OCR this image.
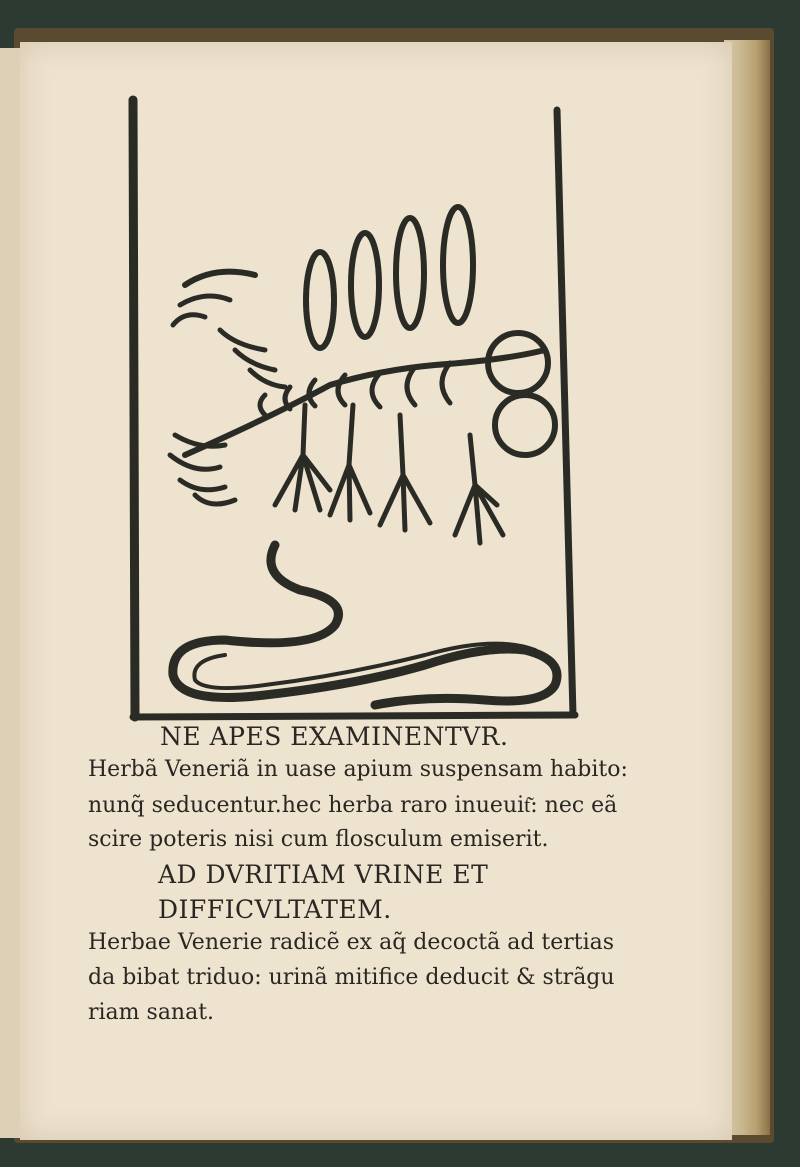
NE APES EXAMINENTVR.
Herbã Veneriã in uase apium suspensam habito:
nunq̃ seducentur.hec herba raro inueuit͂: nec eã
scire poteris nisi cum flosculum emiserit.
AD DVRITIAM VRINE ET
DIFFICVLTATEM.
Herbae Venerie radicẽ ex aq̃ decoctã ad tertias
da bibat triduo: urinã mitifice deducit & strãgu
riam sanat.
